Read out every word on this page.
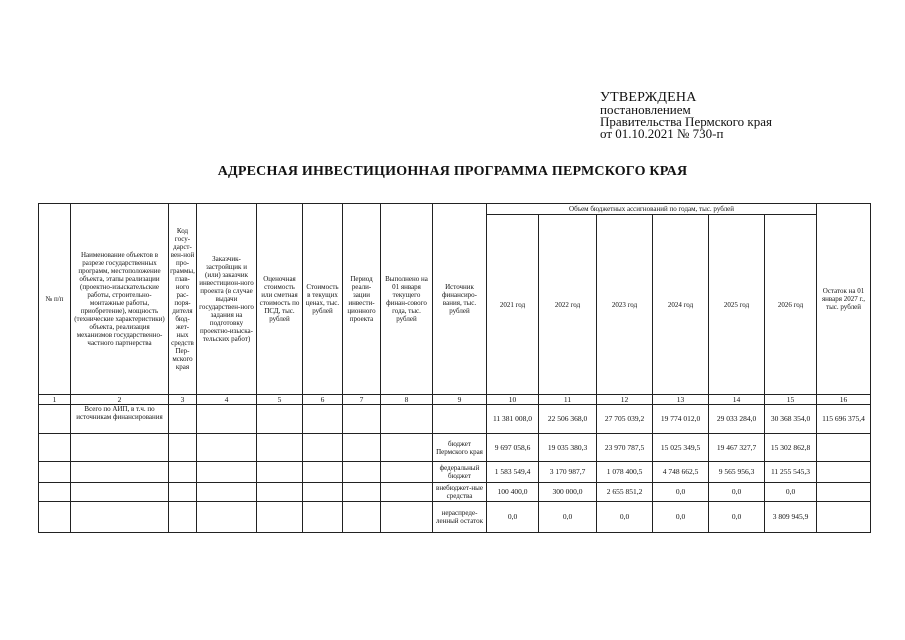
УТВЕРЖДЕНА
постановлением
Правительства Пермского края
от 01.10.2021 № 730-п
АДРЕСНАЯ ИНВЕСТИЦИОННАЯ ПРОГРАММА ПЕРМСКОГО КРАЯ
№ п/п	Наименование объектов в разрезе государственных программ, местоположение объекта, этапы реализации (проектно-изыскательские работы, строительно-монтажные работы, приобретение), мощность (технические характеристики) объекта, реализация механизмов государственно-частного партнерства	Код госу-дарст-вен-ной про-граммы, глав-ного рас-поря-дителя бюд-жет-ных средств Пер-мского края	Заказчик-застройщик и (или) заказчик инвестицион-ного проекта (в случае выдачи государствен-ного задания на подготовку проектно-изыска-тельских работ)	Оценочная стоимость или сметная стоимость по ПСД, тыс. рублей	Стоимость в текущих ценах, тыс. рублей	Период реали-зации инвести-ционного проекта	Выполнено на 01 января текущего финан-сового года, тыс. рублей	Источник финансиро-вания, тыс. рублей	Объем бюджетных ассигнований по годам, тыс. рублей						Остаток на 01 января 2027 г., тыс. рублей
									2021 год	2022 год	2023 год	2024 год	2025 год	2026 год	
1	2	3	4	5	6	7	8	9	10	11	12	13	14	15	16
	Всего по АИП, в т.ч. по источникам финансирования								11 381 008,0	22 506 368,0	27 705 039,2	19 774 012,0	29 033 284,0	30 368 354,0	115 696 375,4
								бюджет Пермского края	9 697 058,6	19 035 380,3	23 970 787,5	15 025 349,5	19 467 327,7	15 302 862,8	
								федеральный бюджет	1 583 549,4	3 170 987,7	1 078 400,5	4 748 662,5	9 565 956,3	11 255 545,3	
								внебюджет-ные средства	100 400,0	300 000,0	2 655 851,2	0,0	0,0	0,0	
								нераспреде-ленный остаток	0,0	0,0	0,0	0,0	0,0	3 809 945,9	
